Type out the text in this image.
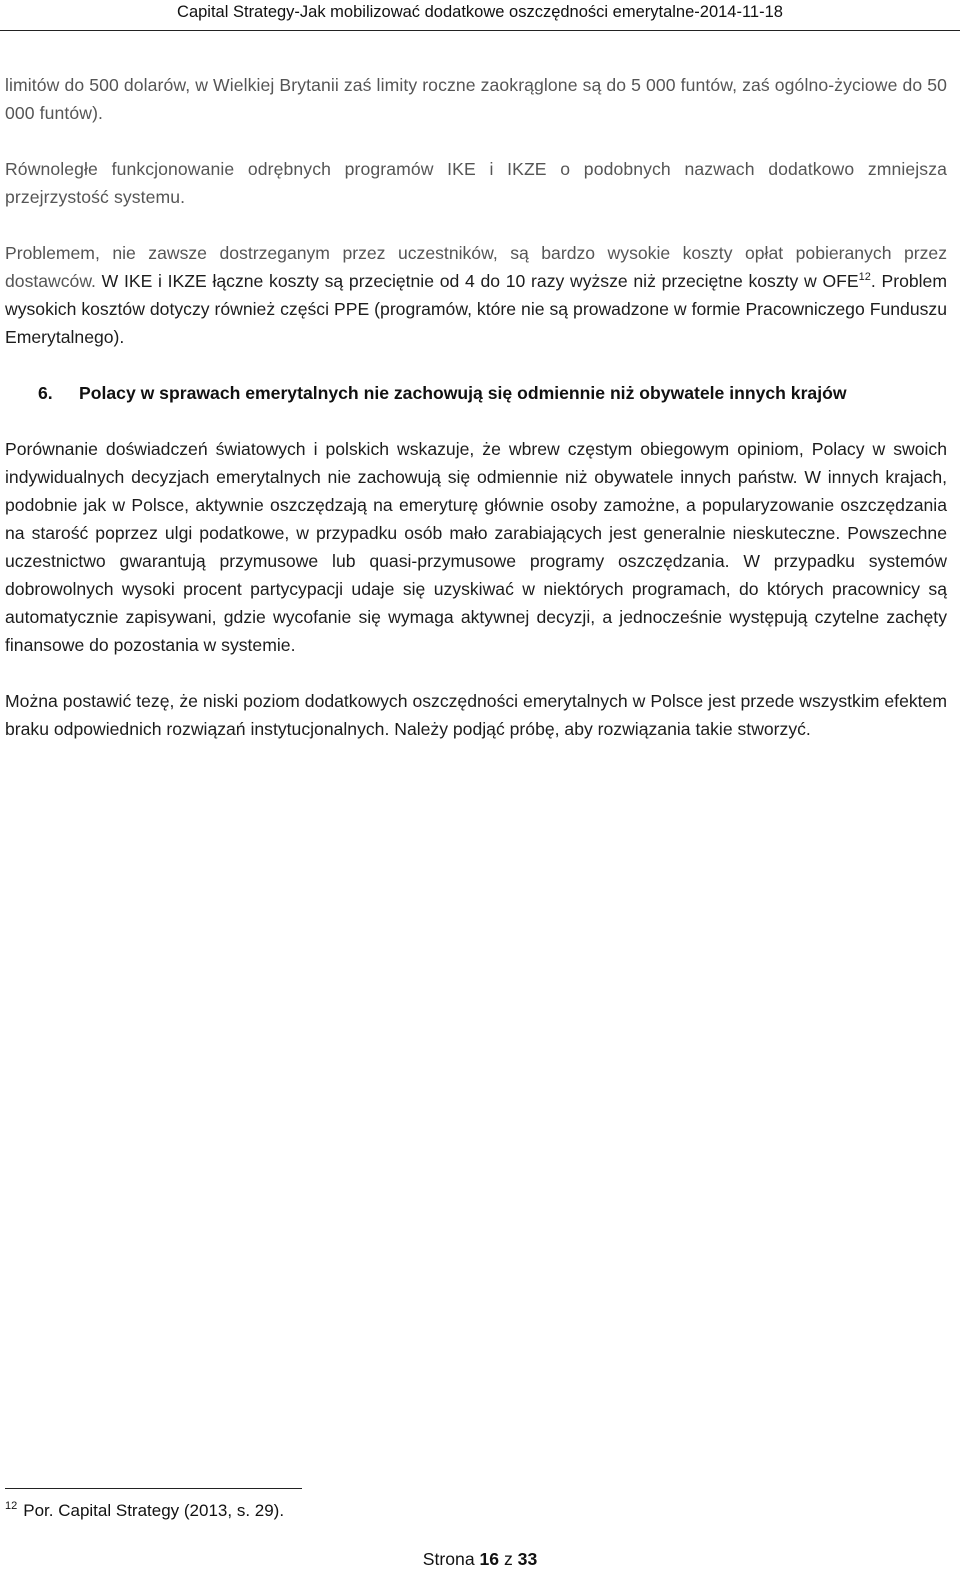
Capital Strategy-Jak mobilizować dodatkowe oszczędności emerytalne-2014-11-18

limitów do 500 dolarów, w Wielkiej Brytanii zaś limity roczne zaokrąglone są do 5 000 funtów, zaś ogólno-życiowe do 50 000 funtów).

Równoległe funkcjonowanie odrębnych programów IKE i IKZE o podobnych nazwach dodatkowo zmniejsza przejrzystość systemu.

Problemem, nie zawsze dostrzeganym przez uczestników, są bardzo wysokie koszty opłat pobieranych przez dostawców. W IKE i IKZE łączne koszty są przeciętnie od 4 do 10 razy wyższe niż przeciętne koszty w OFE$^{12}$. Problem wysokich kosztów dotyczy również części PPE (programów, które nie są prowadzone w formie Pracowniczego Funduszu Emerytalnego).

6. Polacy w sprawach emerytalnych nie zachowują się odmiennie niż obywatele innych krajów

Porównanie doświadczeń światowych i polskich wskazuje, że wbrew częstym obiegowym opiniom, Polacy w swoich indywidualnych decyzjach emerytalnych nie zachowują się odmiennie niż obywatele innych państw. W innych krajach, podobnie jak w Polsce, aktywnie oszczędzają na emeryturę głównie osoby zamożne, a popularyzowanie oszczędzania na starość poprzez ulgi podatkowe, w przypadku osób mało zarabiających jest generalnie nieskuteczne. Powszechne uczestnictwo gwarantują przymusowe lub quasi-przymusowe programy oszczędzania. W przypadku systemów dobrowolnych wysoki procent partycypacji udaje się uzyskiwać w niektórych programach, do których pracownicy są automatycznie zapisywani, gdzie wycofanie się wymaga aktywnej decyzji, a jednocześnie występują czytelne zachęty finansowe do pozostania w systemie.

Można postawić tezę, że niski poziom dodatkowych oszczędności emerytalnych w Polsce jest przede wszystkim efektem braku odpowiednich rozwiązań instytucjonalnych. Należy podjąć próbę, aby rozwiązania takie stworzyć.

$^{12}$ Por. Capital Strategy (2013, s. 29).
Strona 16 z 33
